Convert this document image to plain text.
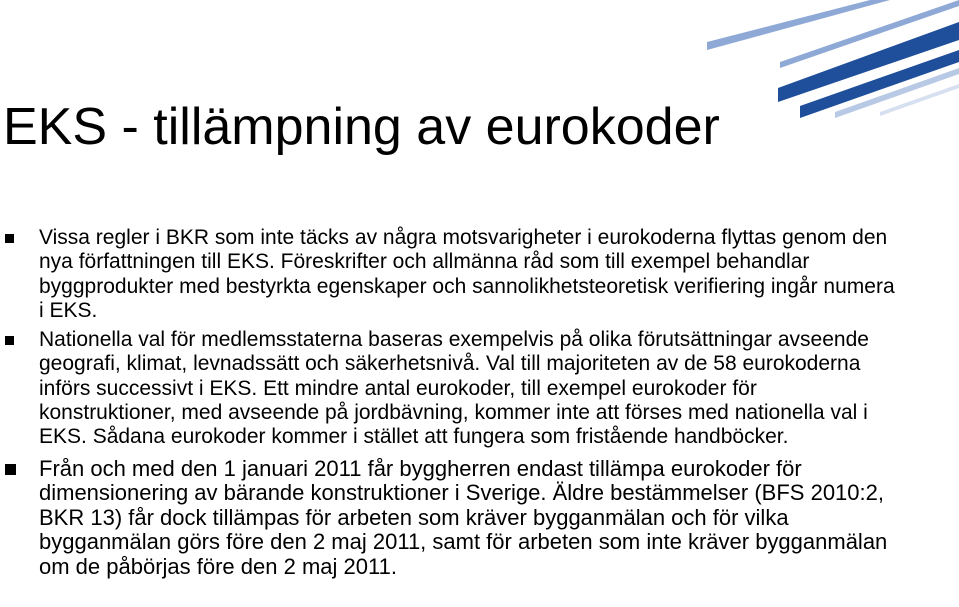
EKS - tillämpning av eurokoder
Vissa regler i BKR som inte täcks av några motsvarigheter i eurokoderna flyttas genom den nya författningen till EKS. Föreskrifter och allmänna råd som till exempel behandlar byggprodukter med bestyrkta egenskaper och sannolikhetsteoretisk verifiering ingår numera i EKS.
Nationella val för medlemsstaterna baseras exempelvis på olika förutsättningar avseende geografi, klimat, levnadssätt och säkerhetsnivå. Val till majoriteten av de 58 eurokoderna införs successivt i EKS. Ett mindre antal eurokoder, till exempel eurokoder för konstruktioner, med avseende på jordbävning, kommer inte att förses med nationella val i EKS. Sådana eurokoder kommer i stället att fungera som fristående handböcker.
Från och med den 1 januari 2011 får byggherren endast tillämpa eurokoder för dimensionering av bärande konstruktioner i Sverige. Äldre bestämmelser (BFS 2010:2, BKR 13) får dock tillämpas för arbeten som kräver bygganmälan och för vilka bygganmälan görs före den 2 maj 2011, samt för arbeten som inte kräver bygganmälan om de påbörjas före den 2 maj 2011.
